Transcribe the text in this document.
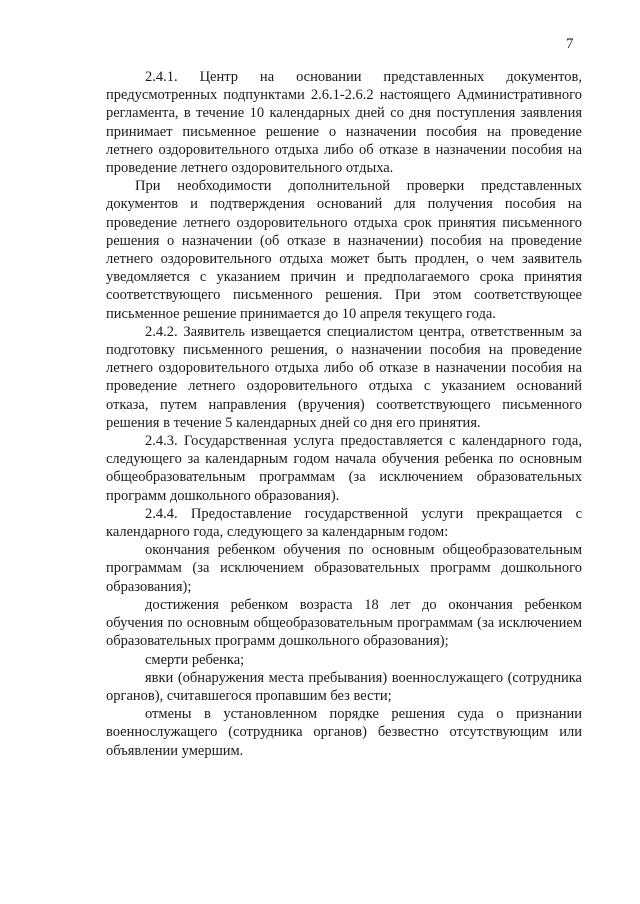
7

2.4.1. Центр на основании представленных документов, предусмотренных подпунктами 2.6.1-2.6.2 настоящего Административного регламента, в течение 10 календарных дней со дня поступления заявления принимает письменное решение о назначении пособия на проведение летнего оздоровительного отдыха либо об отказе в назначении пособия на проведение летнего оздоровительного отдыха.

При необходимости дополнительной проверки представленных документов и подтверждения оснований для получения пособия на проведение летнего оздоровительного отдыха срок принятия письменного решения о назначении (об отказе в назначении) пособия на проведение летнего оздоровительного отдыха может быть продлен, о чем заявитель уведомляется с указанием причин и предполагаемого срока принятия соответствующего письменного решения. При этом соответствующее письменное решение принимается до 10 апреля текущего года.

2.4.2. Заявитель извещается специалистом центра, ответственным за подготовку письменного решения, о назначении пособия на проведение летнего оздоровительного отдыха либо об отказе в назначении пособия на проведение летнего оздоровительного отдыха с указанием оснований отказа, путем направления (вручения) соответствующего письменного решения в течение 5 календарных дней со дня его принятия.

2.4.3. Государственная услуга предоставляется с календарного года, следующего за календарным годом начала обучения ребенка по основным общеобразовательным программам (за исключением образовательных программ дошкольного образования).

2.4.4. Предоставление государственной услуги прекращается с календарного года, следующего за календарным годом:

окончания ребенком обучения по основным общеобразовательным программам (за исключением образовательных программ дошкольного образования);

достижения ребенком возраста 18 лет до окончания ребенком обучения по основным общеобразовательным программам (за исключением образовательных программ дошкольного образования);

смерти ребенка;

явки (обнаружения места пребывания) военнослужащего (сотрудника органов), считавшегося пропавшим без вести;

отмены в установленном порядке решения суда о признании военнослужащего (сотрудника органов) безвестно отсутствующим или объявлении умершим.
